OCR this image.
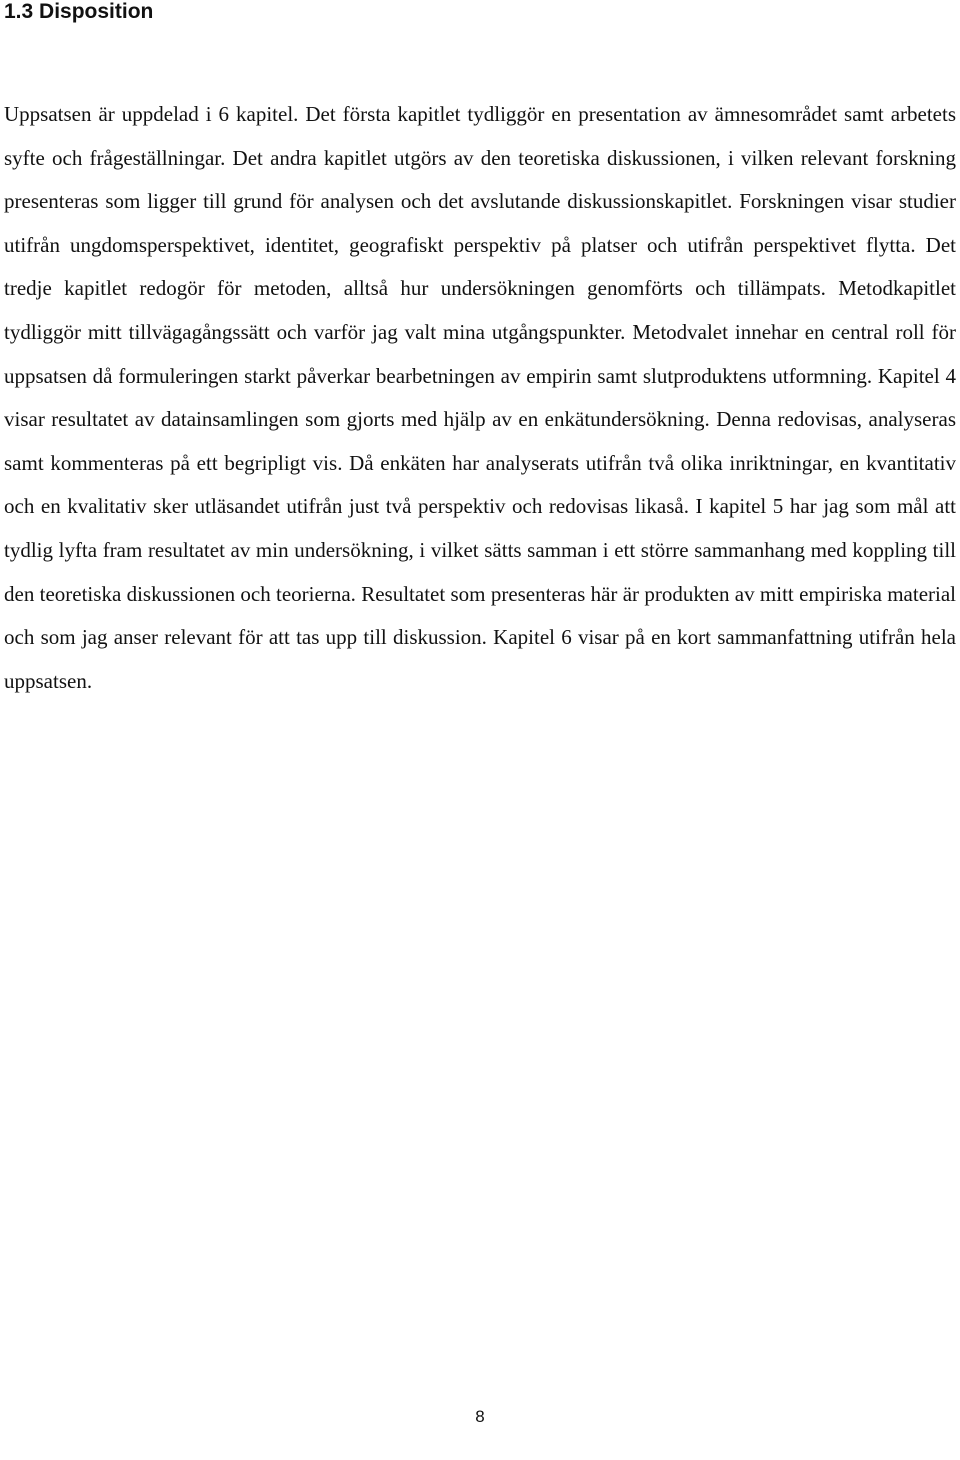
1.3 Disposition

Uppsatsen är uppdelad i 6 kapitel. Det första kapitlet tydliggör en presentation av ämnesområdet samt arbetets syfte och frågeställningar. Det andra kapitlet utgörs av den teoretiska diskussionen, i vilken relevant forskning presenteras som ligger till grund för analysen och det avslutande diskussionskapitlet. Forskningen visar studier utifrån ungdomsperspektivet, identitet, geografiskt perspektiv på platser och utifrån perspektivet flytta. Det tredje kapitlet redogör för metoden, alltså hur undersökningen genomförts och tillämpats. Metodkapitlet tydliggör mitt tillvägagångssätt och varför jag valt mina utgångspunkter. Metodvalet innehar en central roll för uppsatsen då formuleringen starkt påverkar bearbetningen av empirin samt slutproduktens utformning. Kapitel 4 visar resultatet av datainsamlingen som gjorts med hjälp av en enkätundersökning. Denna redovisas, analyseras samt kommenteras på ett begripligt vis. Då enkäten har analyserats utifrån två olika inriktningar, en kvantitativ och en kvalitativ sker utläsandet utifrån just två perspektiv och redovisas likaså. I kapitel 5 har jag som mål att tydlig lyfta fram resultatet av min undersökning, i vilket sätts samman i ett större sammanhang med koppling till den teoretiska diskussionen och teorierna. Resultatet som presenteras här är produkten av mitt empiriska material och som jag anser relevant för att tas upp till diskussion. Kapitel 6 visar på en kort sammanfattning utifrån hela uppsatsen.

8
